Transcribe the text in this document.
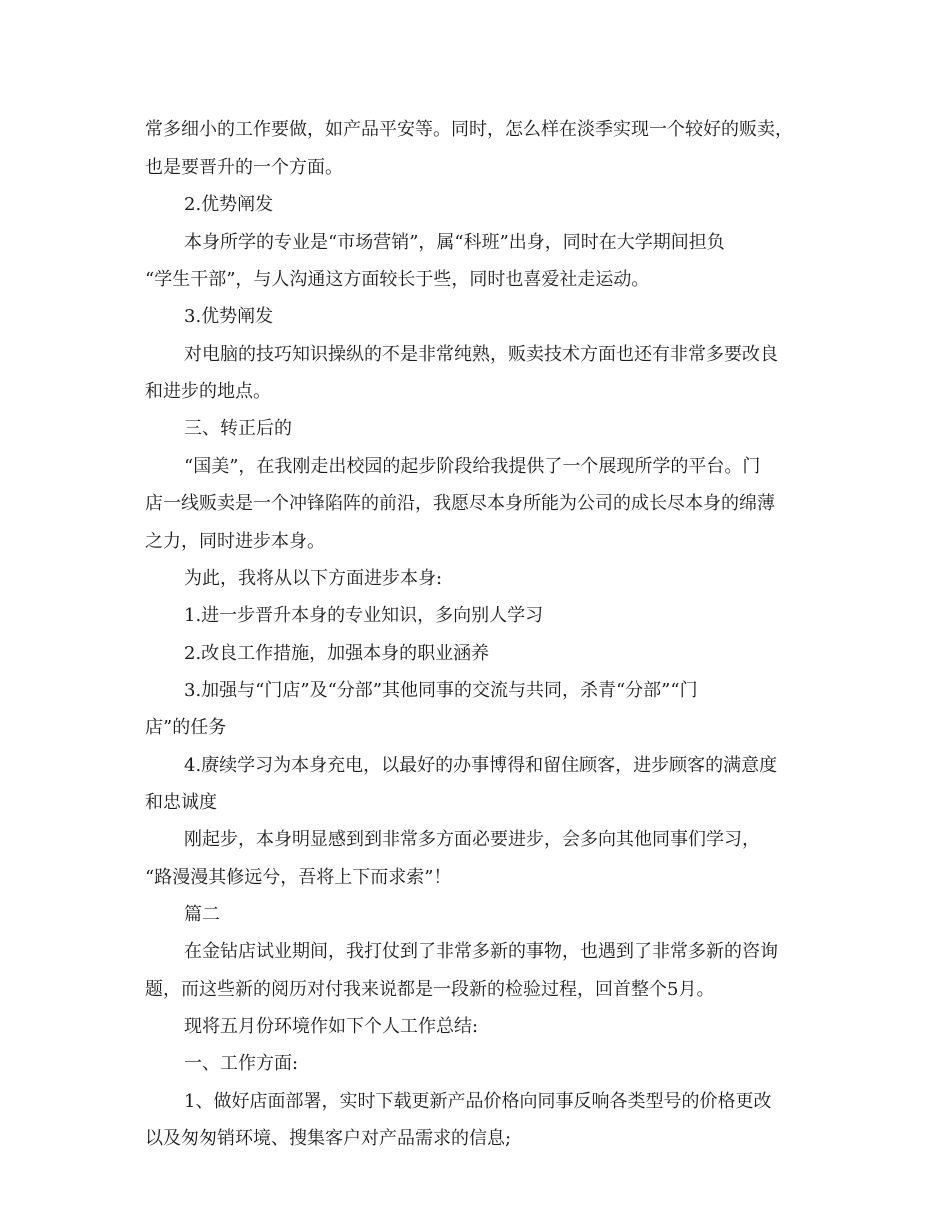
常多细小的工作要做，如产品平安等。同时，怎么样在淡季实现一个较好的贩卖，
也是要晋升的一个方面。
2.优势阐发
本身所学的专业是“市场营销”，属“科班”出身，同时在大学期间担负
“学生干部”，与人沟通这方面较长于些，同时也喜爱社走运动。
3.优势阐发
对电脑的技巧知识操纵的不是非常纯熟，贩卖技术方面也还有非常多要改良
和进步的地点。
三、转正后的
“国美”，在我刚走出校园的起步阶段给我提供了一个展现所学的平台。门
店一线贩卖是一个冲锋陷阵的前沿，我愿尽本身所能为公司的成长尽本身的绵薄
之力，同时进步本身。
为此，我将从以下方面进步本身:
1.进一步晋升本身的专业知识，多向别人学习
2.改良工作措施，加强本身的职业涵养
3.加强与“门店”及“分部”其他同事的交流与共同，杀青“分部”“门
店”的任务
4.赓续学习为本身充电，以最好的办事博得和留住顾客，进步顾客的满意度
和忠诚度
刚起步，本身明显感到到非常多方面必要进步，会多向其他同事们学习，
“路漫漫其修远兮，吾将上下而求索”！
篇二
在金钻店试业期间，我打仗到了非常多新的事物，也遇到了非常多新的咨询
题，而这些新的阅历对付我来说都是一段新的检验过程，回首整个5月。
现将五月份环境作如下个人工作总结:
一、工作方面:
1、做好店面部署，实时下载更新产品价格向同事反响各类型号的价格更改
以及匆匆销环境、搜集客户对产品需求的信息;
